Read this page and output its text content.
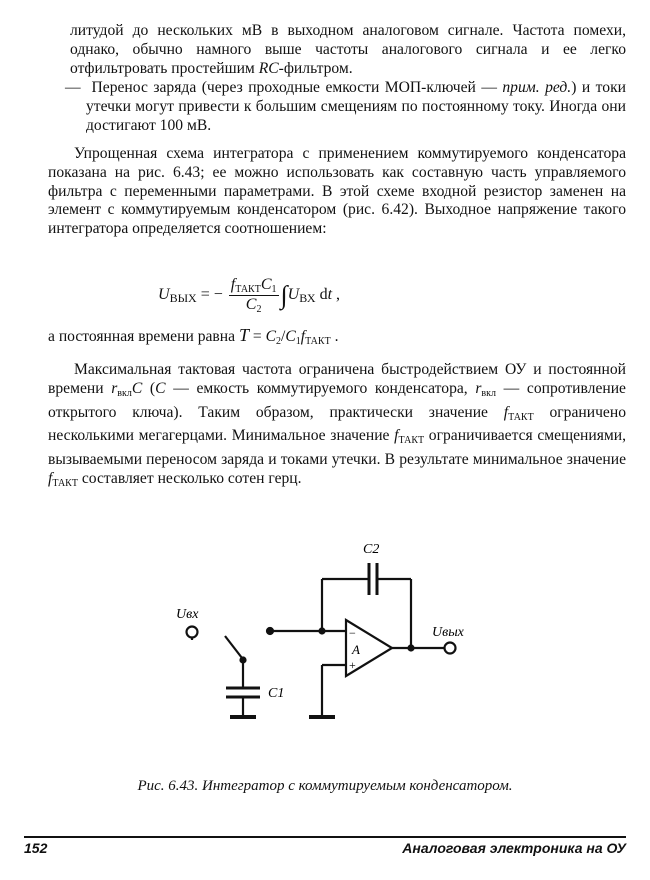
литудой до нескольких мВ в выходном аналоговом сигнале. Частота помехи, однако, обычно намного выше частоты аналогового сигнала и ее легко отфильтровать простейшим RC-фильтром.

— Перенос заряда (через проходные емкости МОП-ключей — прим. ред.) и токи утечки могут привести к большим смещениям по постоянному току. Иногда они достигают 100 мВ.

Упрощенная схема интегратора с применением коммутируемого конденсатора показана на рис. 6.43; ее можно использовать как составную часть управляемого фильтра с переменными параметрами. В этой схеме входной резистор заменен на элемент с коммутируемым конденсатором (рис. 6.42). Выходное напряжение такого интегратора определяется соотношением:

$U_{ВЫХ}$ = − $\frac{f_{ТАКТ}C_1}{C_2} \int U_{ВХ}$ dt ,
а постоянная времени равна $T = C_2/C_1f_{ТАКТ}$ .

Максимальная тактовая частота ограничена быстродействием ОУ и постоянной времени $r_{вкл}C$ (C — емкость коммутируемого конденсатора, $r_{вкл}$ — сопротивление открытого ключа). Таким образом, практически значение $f_{ТАКТ}$ ограничено несколькими мегагерцами. Минимальное значение $f_{ТАКТ}$ ограничивается смещениями, вызываемыми переносом заряда и токами утечки. В результате минимальное значение $f_{ТАКТ}$ составляет несколько сотен герц.

Uвх
Uвых
C1
C2
A
−
+
Рис. 6.43. Интегратор с коммутируемым конденсатором.
152	Аналоговая электроника на ОУ
